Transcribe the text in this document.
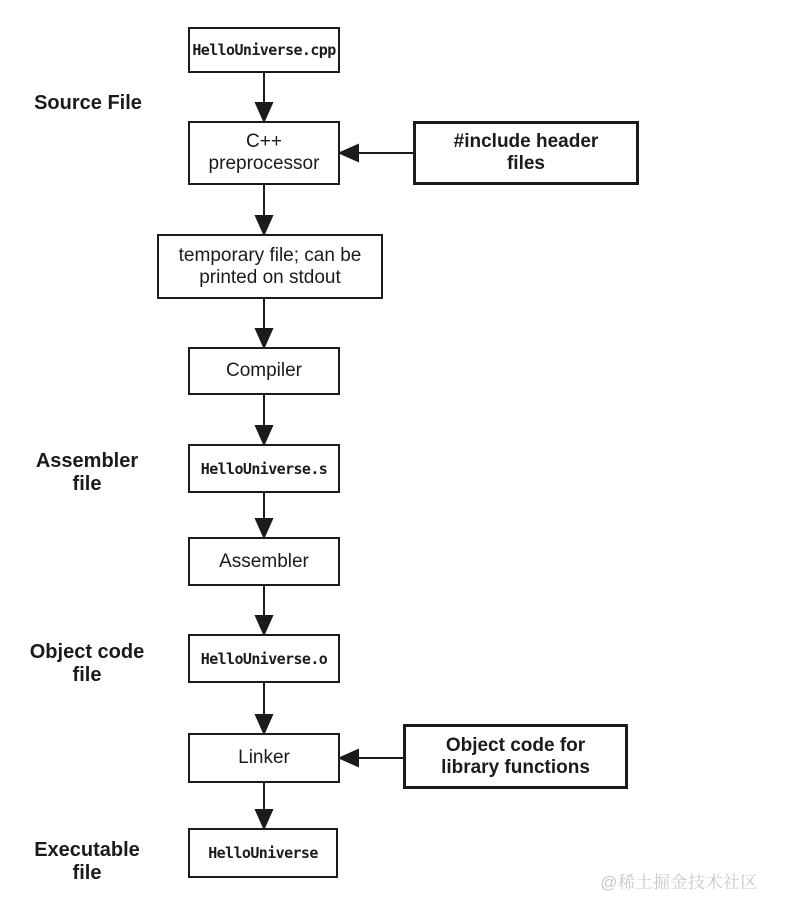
HelloUniverse.cpp
C++ preprocessor
#include header files
temporary file; can be printed on stdout
Compiler
HelloUniverse.s
Assembler
HelloUniverse.o
Linker
Object code for library functions
HelloUniverse
Source File
Assembler file
Object code file
Executable file	@稀土掘金技术社区
